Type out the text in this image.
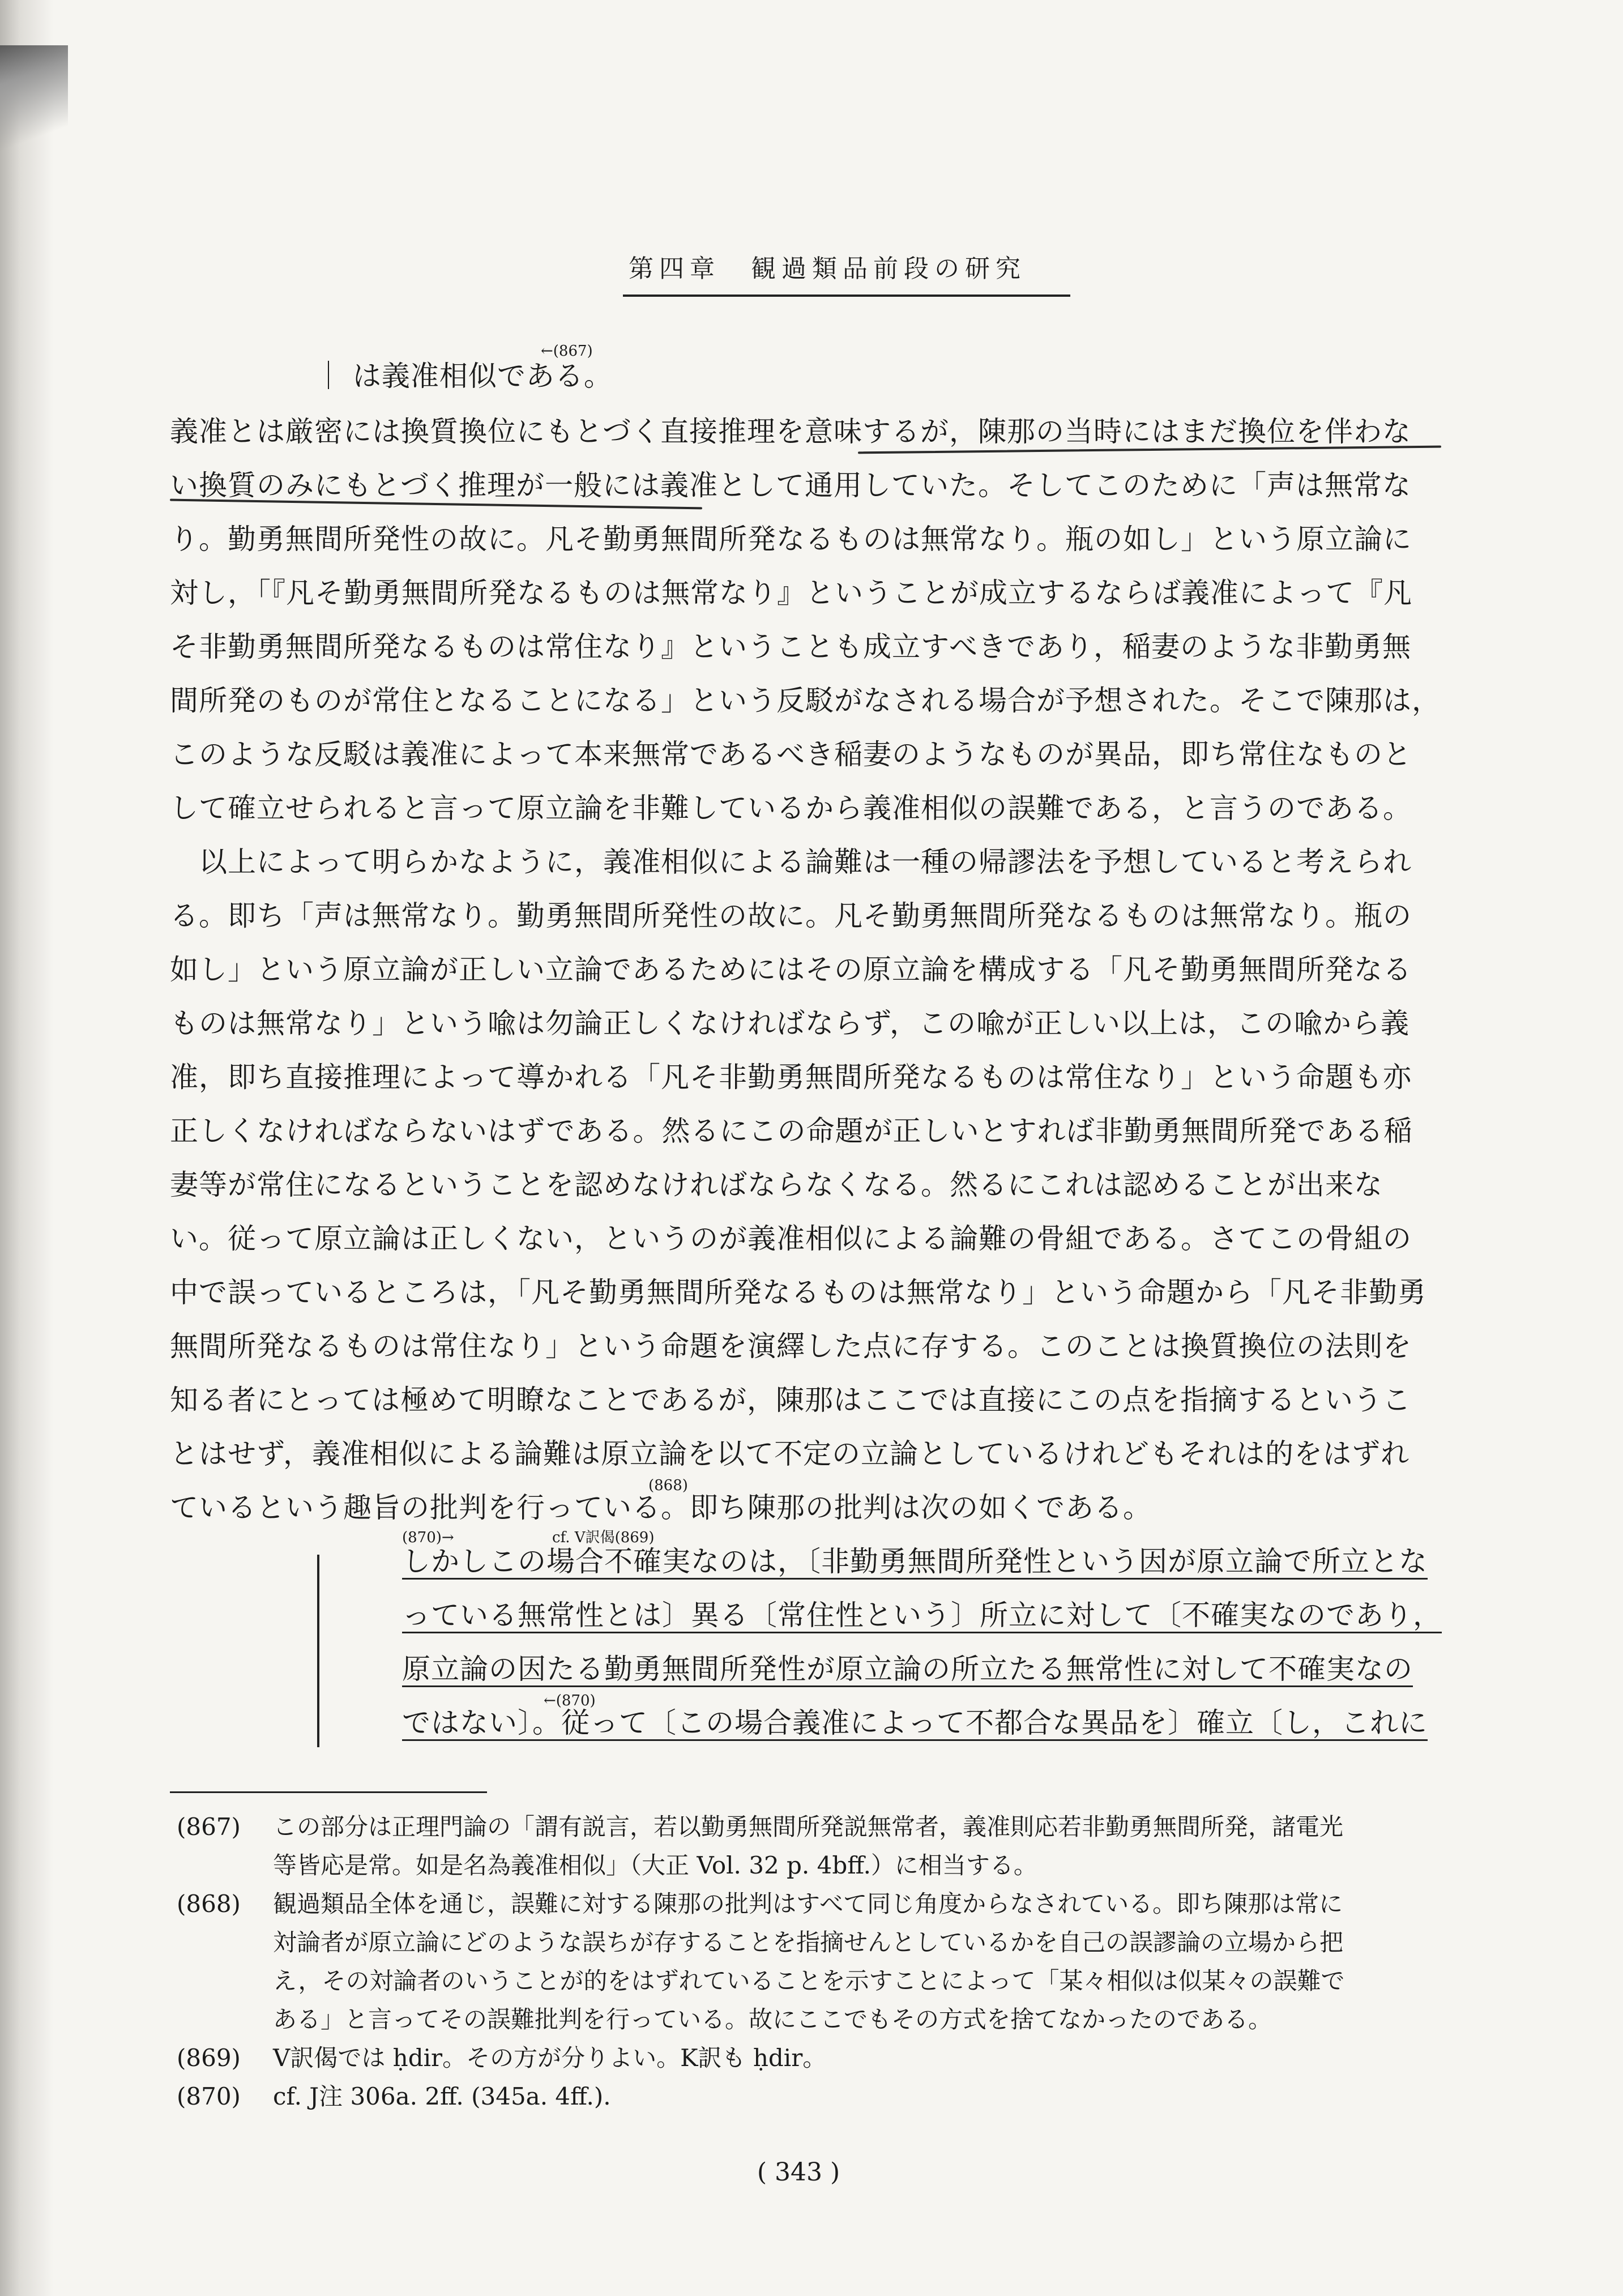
第四章　観過類品前段の研究
←(867)
｜ は義准相似である。
義准とは厳密には換質換位にもとづく直接推理を意味するが，陳那の当時にはまだ換位を伴わな
い換質のみにもとづく推理が一般には義准として通用していた。そしてこのために「声は無常な
り。勤勇無間所発性の故に。凡そ勤勇無間所発なるものは無常なり。瓶の如し」という原立論に
対し，「『凡そ勤勇無間所発なるものは無常なり』ということが成立するならば義准によって『凡
そ非勤勇無間所発なるものは常住なり』ということも成立すべきであり，稲妻のような非勤勇無
間所発のものが常住となることになる」という反駁がなされる場合が予想された。そこで陳那は，
このような反駁は義准によって本来無常であるべき稲妻のようなものが異品，即ち常住なものと
して確立せられると言って原立論を非難しているから義准相似の誤難である，と言うのである。
　以上によって明らかなように，義准相似による論難は一種の帰謬法を予想していると考えられ
る。即ち「声は無常なり。勤勇無間所発性の故に。凡そ勤勇無間所発なるものは無常なり。瓶の
如し」という原立論が正しい立論であるためにはその原立論を構成する「凡そ勤勇無間所発なる
ものは無常なり」という喩は勿論正しくなければならず，この喩が正しい以上は，この喩から義
准，即ち直接推理によって導かれる「凡そ非勤勇無間所発なるものは常住なり」という命題も亦
正しくなければならないはずである。然るにこの命題が正しいとすれば非勤勇無間所発である稲
妻等が常住になるということを認めなければならなくなる。然るにこれは認めることが出来な
い。従って原立論は正しくない，というのが義准相似による論難の骨組である。さてこの骨組の
中で誤っているところは，「凡そ勤勇無間所発なるものは無常なり」という命題から「凡そ非勤勇
無間所発なるものは常住なり」という命題を演繹した点に存する。このことは換質換位の法則を
知る者にとっては極めて明瞭なことであるが，陳那はここでは直接にこの点を指摘するというこ
とはせず，義准相似による論難は原立論を以て不定の立論としているけれどもそれは的をはずれ
(868)
ているという趣旨の批判を行っている。即ち陳那の批判は次の如くである。
(870)→	cf. V訳偈(869)
しかしこの場合不確実なのは，〔非勤勇無間所発性という因が原立論で所立とな
っている無常性とは〕異る〔常住性という〕所立に対して〔不確実なのであり，
原立論の因たる勤勇無間所発性が原立論の所立たる無常性に対して不確実なの
←(870)
ではない〕。従って〔この場合義准によって不都合な異品を〕確立〔し，これに
(867) この部分は正理門論の「謂有説言，若以勤勇無間所発説無常者，義准則応若非勤勇無間所発，諸電光
等皆応是常。如是名為義准相似」（大正 Vol. 32 p. 4bff.）に相当する。
(868) 観過類品全体を通じ，誤難に対する陳那の批判はすべて同じ角度からなされている。即ち陳那は常に
対論者が原立論にどのような誤ちが存することを指摘せんとしているかを自己の誤謬論の立場から把
え，その対論者のいうことが的をはずれていることを示すことによって「某々相似は似某々の誤難で
ある」と言ってその誤難批判を行っている。故にここでもその方式を捨てなかったのである。
(869) V訳偈では ḥdir。その方が分りよい。K訳も ḥdir。
(870) cf. J注 306a. 2ff. (345a. 4ff.).
( 343 )
